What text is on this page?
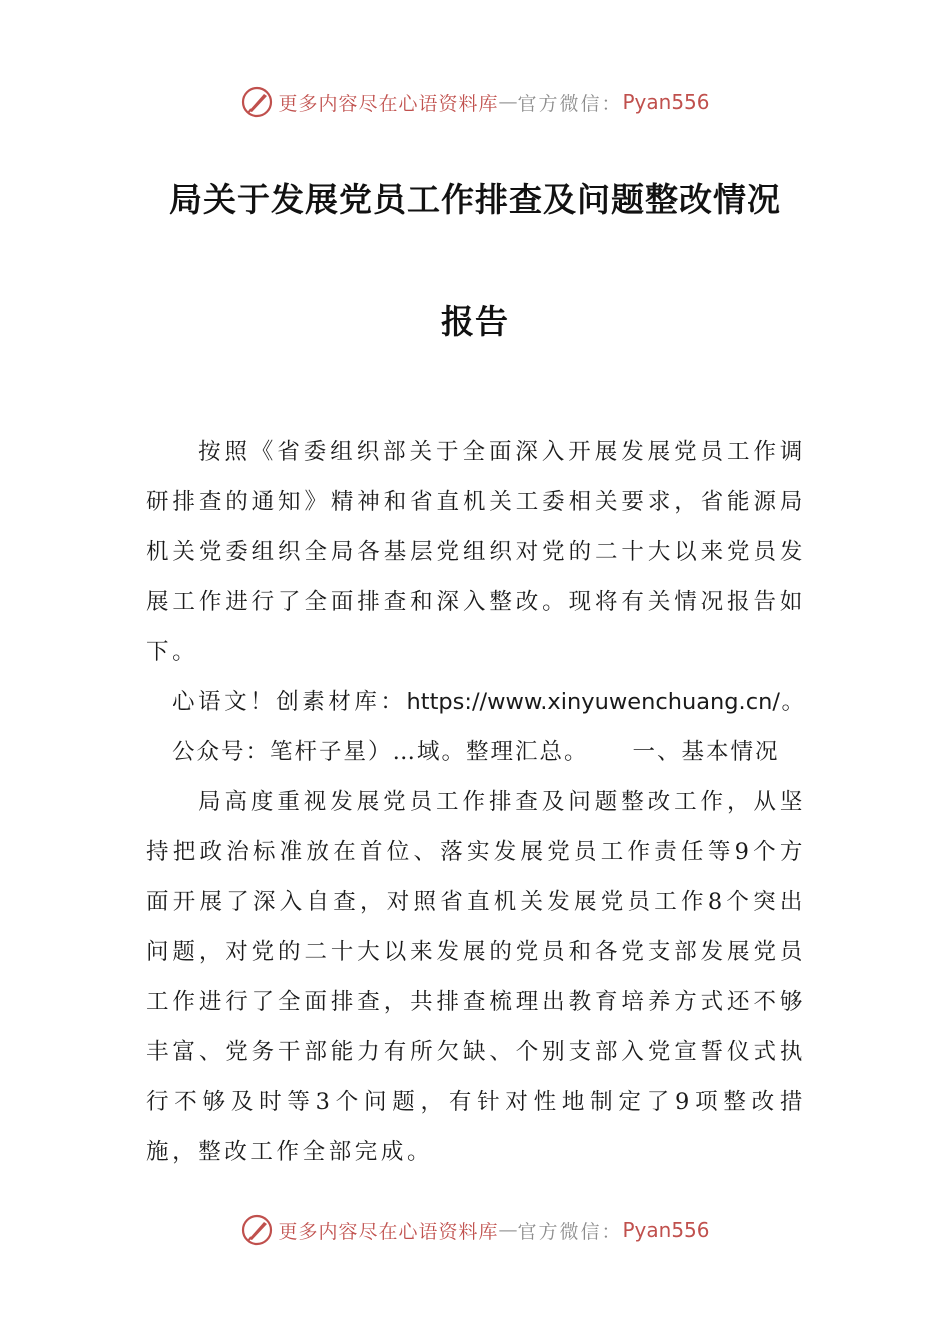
更多内容尽在心语资料库 — 官方微信： Pyan556
局关于发展党员工作排查及问题整改情况
报告

按照《省委组织部关于全面深入开展发展党员工作调研排查的通知》精神和省直机关工委相关要求，省能源局机关党委组织全局各基层党组织对党的二十大以来党员发展工作进行了全面排查和深入整改。现将有关情况报告如下。

心语文！创素材库：https://www.xinyuwenchuang.cn/。公众号：笔杆子星）…域。整理汇总。 一、基本情况

局高度重视发展党员工作排查及问题整改工作，从坚持把政治标准放在首位、落实发展党员工作责任等9个方面开展了深入自查，对照省直机关发展党员工作8个突出问题，对党的二十大以来发展的党员和各党支部发展党员工作进行了全面排查，共排查梳理出教育培养方式还不够丰富、党务干部能力有所欠缺、个别支部入党宣誓仪式执行不够及时等3个问题，有针对性地制定了9项整改措施，整改工作全部完成。

更多内容尽在心语资料库 — 官方微信： Pyan556
